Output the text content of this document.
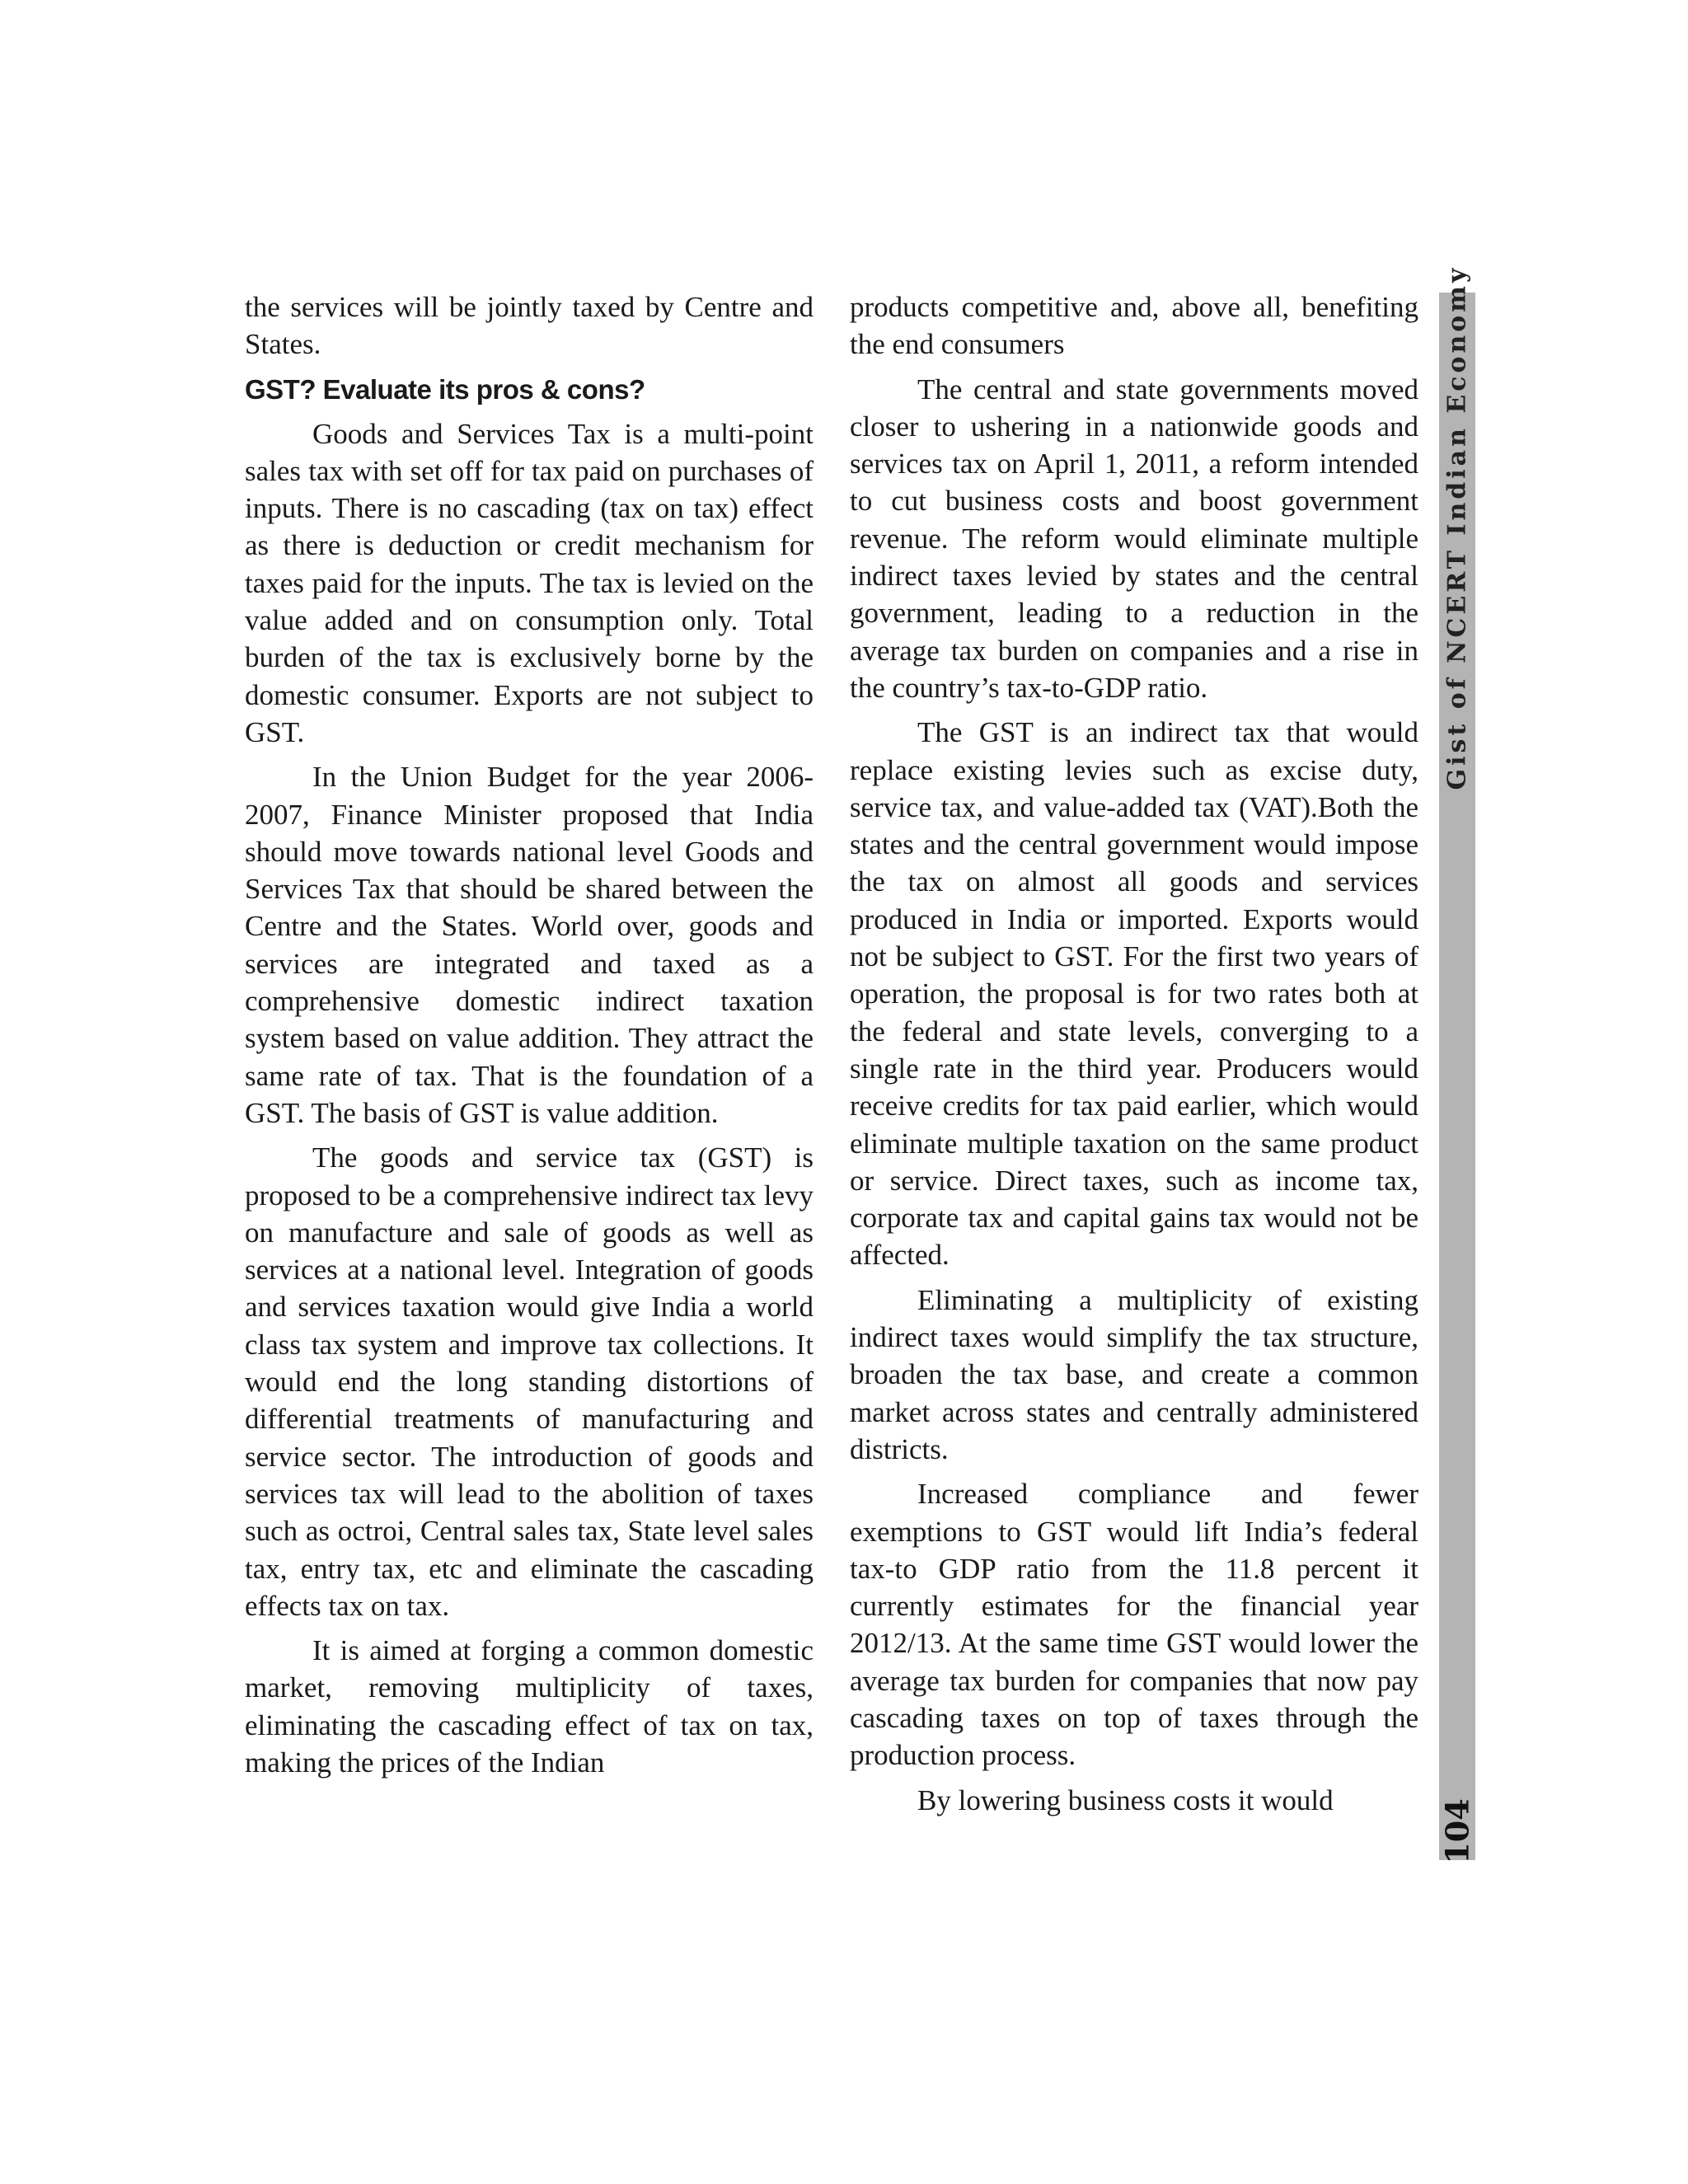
the services will be jointly taxed by Centre and States.

GST? Evaluate its pros & cons?

Goods and Services Tax is a multi-point sales tax with set off for tax paid on purchases of inputs. There is no cascading (tax on tax) effect as there is deduction or credit mechanism for taxes paid for the inputs. The tax is levied on the value added and on consumption only. Total burden of the tax is exclusively borne by the domestic consumer. Exports are not subject to GST.

In the Union Budget for the year 2006-2007, Finance Minister proposed that India should move towards national level Goods and Services Tax that should be shared between the Centre and the States. World over, goods and services are integrated and taxed as a comprehensive domestic indirect taxation system based on value addition. They attract the same rate of tax. That is the foundation of a GST. The basis of GST is value addition.

The goods and service tax (GST) is proposed to be a comprehensive indirect tax levy on manufacture and sale of goods as well as services at a national level. Integration of goods and services taxation would give India a world class tax system and improve tax collections. It would end the long standing distortions of differential treatments of manufacturing and service sector. The introduction of goods and services tax will lead to the abolition of taxes such as octroi, Central sales tax, State level sales tax, entry tax, etc and eliminate the cascading effects tax on tax.

It is aimed at forging a common domestic market, removing multiplicity of taxes, eliminating the cascading effect of tax on tax, making the prices of the Indian

products competitive and, above all, benefiting the end consumers

The central and state governments moved closer to ushering in a nationwide goods and services tax on April 1, 2011, a reform intended to cut business costs and boost government revenue. The reform would eliminate multiple indirect taxes levied by states and the central government, leading to a reduction in the average tax burden on companies and a rise in the country’s tax-to-GDP ratio.

The GST is an indirect tax that would replace existing levies such as excise duty, service tax, and value-added tax (VAT).Both the states and the central government would impose the tax on almost all goods and services produced in India or imported. Exports would not be subject to GST. For the first two years of operation, the proposal is for two rates both at the federal and state levels, converging to a single rate in the third year. Producers would receive credits for tax paid earlier, which would eliminate multiple taxation on the same product or service. Direct taxes, such as income tax, corporate tax and capital gains tax would not be affected.

Eliminating a multiplicity of existing indirect taxes would simplify the tax structure, broaden the tax base, and create a common market across states and centrally administered districts.

Increased compliance and fewer exemptions to GST would lift India’s federal tax-to GDP ratio from the 11.8 percent it currently estimates for the financial year 2012/13. At the same time GST would lower the average tax burden for companies that now pay cascading taxes on top of taxes through the production process.

By lowering business costs it would

Gist of NCERT Indian Economy
104
